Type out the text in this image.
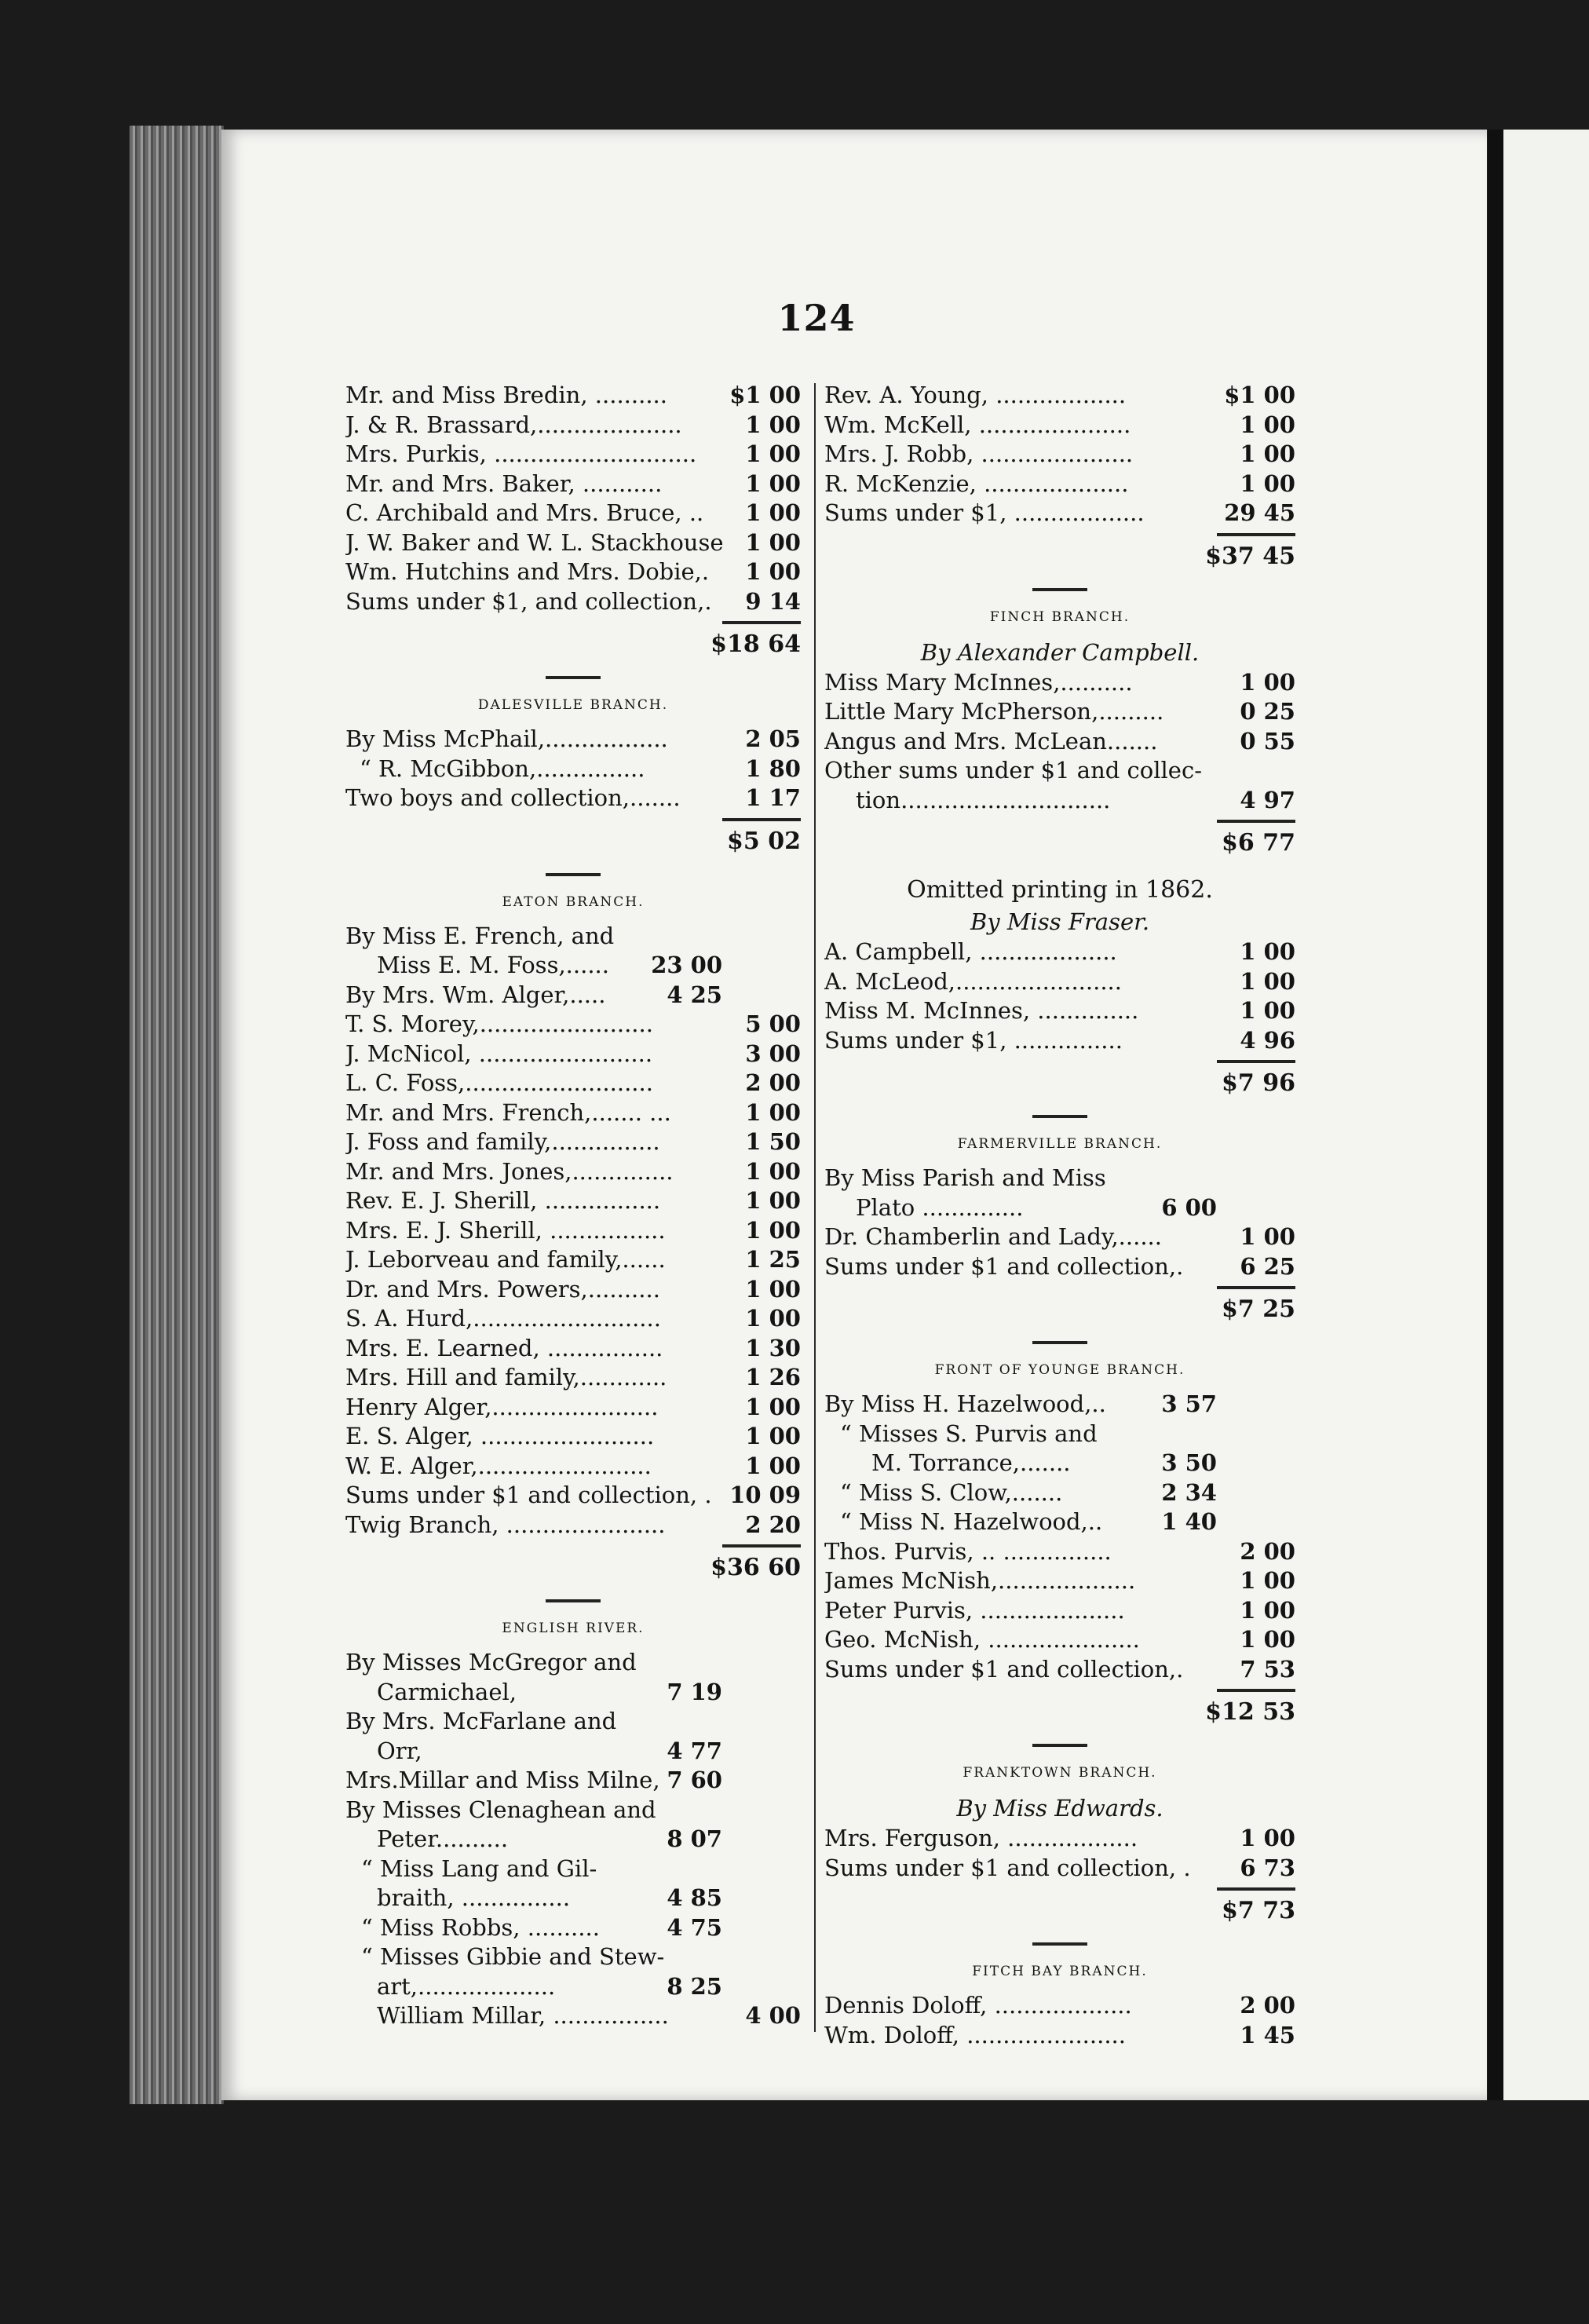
124
Mr. and Miss Bredin, ..........	$1 00
J. & R. Brassard,....................	1 00
Mrs. Purkis, ............................	1 00
Mr. and Mrs. Baker, ...........	1 00
C. Archibald and Mrs. Bruce, ..	1 00
J. W. Baker and W. L. Stackhouse 1 00
Wm. Hutchins and Mrs. Dobie,.	1 00
Sums under $1, and collection,.	9 14
$18 64
DALESVILLE BRANCH.
By Miss McPhail,.................	2 05
“ R. McGibbon,...............	1 80
Two boys and collection,.......	1 17
$5 02
EATON BRANCH.
By Miss E. French, and
Miss E. M. Foss,......	23 00
By Mrs. Wm. Alger,.....	4 25
T. S. Morey,........................	5 00
J. McNicol, ........................	3 00
L. C. Foss,..........................	2 00
Mr. and Mrs. French,....... ...	1 00
J. Foss and family,...............	1 50
Mr. and Mrs. Jones,..............	1 00
Rev. E. J. Sherill, ................	1 00
Mrs. E. J. Sherill, ................	1 00
J. Leborveau and family,......	1 25
Dr. and Mrs. Powers,..........	1 00
S. A. Hurd,..........................	1 00
Mrs. E. Learned, ................	1 30
Mrs. Hill and family,............	1 26
Henry Alger,.......................	1 00
E. S. Alger, ........................	1 00
W. E. Alger,........................	1 00
Sums under $1 and collection, . 10 09
Twig Branch, ......................	2 20
$36 60
ENGLISH RIVER.
By Misses McGregor and
Carmichael,	7 19
By Mrs. McFarlane and
Orr,	4 77
Mrs.Millar and Miss Milne, 7 60
By Misses Clenaghean and
Peter..........	8 07
“ Miss Lang and Gil-
braith, ...............	4 85
“ Miss Robbs, ..........	4 75
“ Misses Gibbie and Stew-
art,...................	8 25
William Millar, ................	4 00
Rev. A. Young, ..................	$1 00
Wm. McKell, .....................	1 00
Mrs. J. Robb, .....................	1 00
R. McKenzie, ....................	1 00
Sums under $1, ..................	29 45
$37 45
FINCH BRANCH.
By Alexander Campbell.
Miss Mary McInnes,..........	1 00
Little Mary McPherson,.........	0 25
Angus and Mrs. McLean.......	0 55
Other sums under $1 and collec-
tion.............................	4 97
$6 77
Omitted printing in 1862.
By Miss Fraser.
A. Campbell, ...................	1 00
A. McLeod,.......................	1 00
Miss M. McInnes, ..............	1 00
Sums under $1, ...............	4 96
$7 96
FARMERVILLE BRANCH.
By Miss Parish and Miss
Plato ..............	6 00
Dr. Chamberlin and Lady,......	1 00
Sums under $1 and collection,.	6 25
$7 25
FRONT OF YOUNGE BRANCH.
By Miss H. Hazelwood,..	3 57
“ Misses S. Purvis and
M. Torrance,.......	3 50
“ Miss S. Clow,.......	2 34
“ Miss N. Hazelwood,..	1 40
Thos. Purvis, .. ...............	2 00
James McNish,...................	1 00
Peter Purvis, ....................	1 00
Geo. McNish, .....................	1 00
Sums under $1 and collection,.	7 53
$12 53
FRANKTOWN BRANCH.
By Miss Edwards.
Mrs. Ferguson, ..................	1 00
Sums under $1 and collection, .	6 73
$7 73
FITCH BAY BRANCH.
Dennis Doloff, ...................	2 00
Wm. Doloff, ......................	1 45
